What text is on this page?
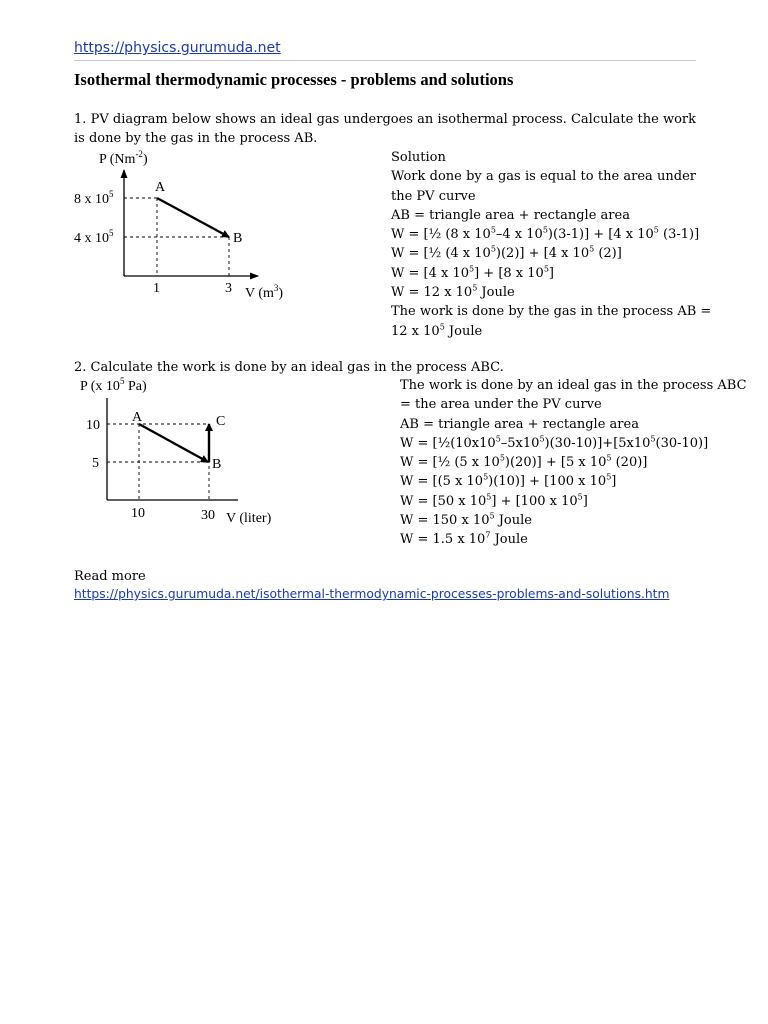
https://physics.gurumuda.net
Isothermal thermodynamic processes - problems and solutions
1. PV diagram below shows an ideal gas undergoes an isothermal process. Calculate the work is done by the gas in the process AB.
P $(Nm^{-2})$
8 x $10^5$
4 x $10^5$
1	3 V $(m^3)$
A
B
P (x $10^5$ Pa)
10
5
10	30 V (liter)
A
B
C
Solution
Work done by a gas is equal to the area under the PV curve
AB = triangle area + rectangle area
W = [½ (8 x $10^5-4$ x $10^5)(3-1)] + [4$ x $10^5$ (3-1)]
W = [½ (4 x $10^5)(2)] + [4$ x $10^5$ (2)]
W = [4 x $10^5] + [8$ x $10^5$]
W = 12 x $10^5$ Joule
The work is done by the gas in the process AB =
12 x $10^5$ Joule
2. Calculate the work is done by an ideal gas in the process ABC.
The work is done by an ideal gas in the process ABC
= the area under the PV curve
AB = triangle area + rectangle area
$W = [\frac{1}{2}(10x10^5-5x10^5)(30-10)]+[5x10^5(30-10)]$
W = [½ (5 x $10^5)(20)] + [5$ x $10^5$ (20)]
W = [(5 x $10^5)(10)] + [100$ x $10^5$]
W = [50 x $10^5] + [100$ x $10^5$]
W = 150 x $10^5$ Joule
W = 1.5 x $10^7$ Joule
Read more
https://physics.gurumuda.net/isothermal-thermodynamic-processes-problems-and-solutions.htm
